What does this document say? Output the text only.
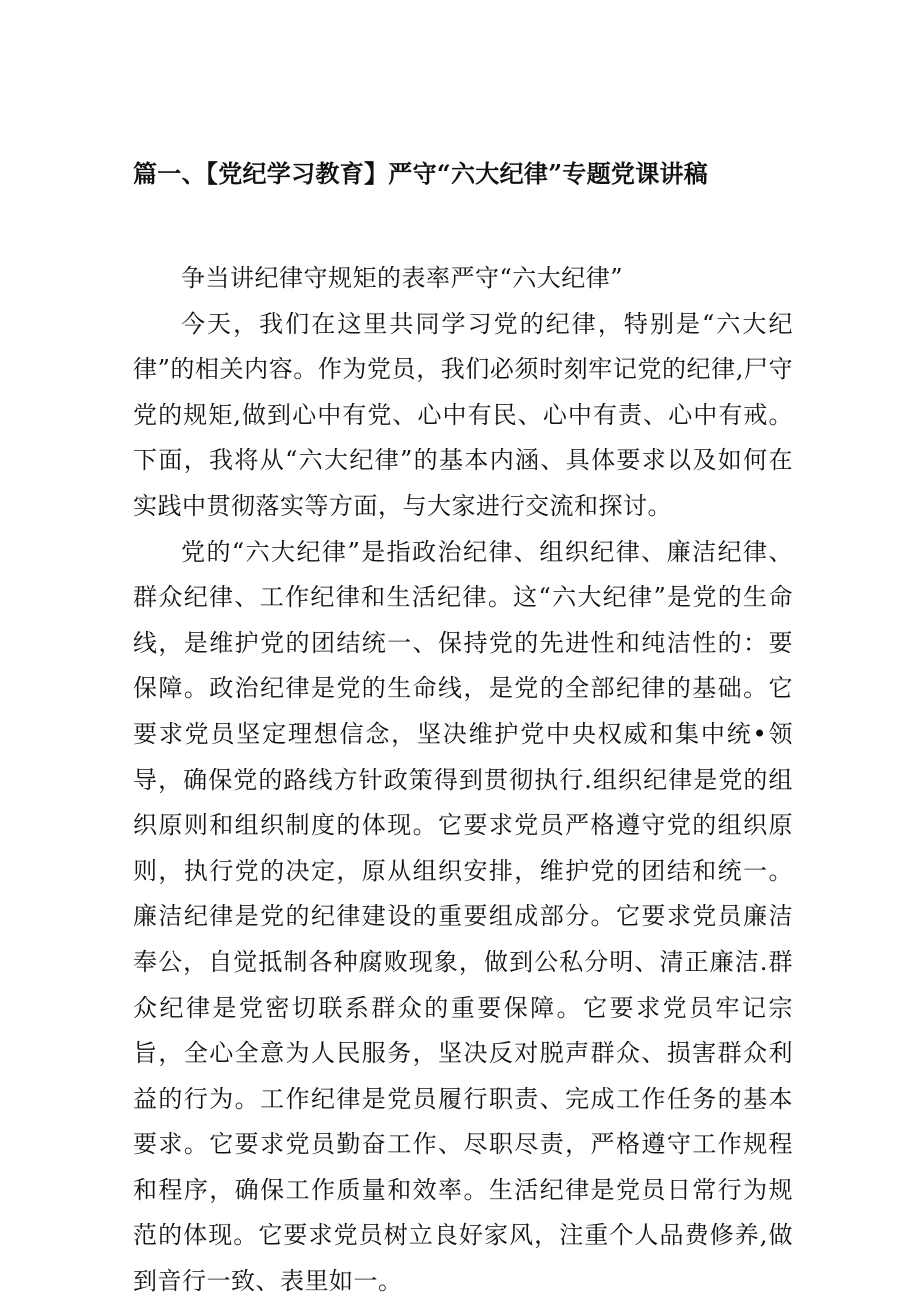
篇一、【党纪学习教育】严守“六大纪律”专题党课讲稿

争当讲纪律守规矩的表率严守“六大纪律”

今天，我们在这里共同学习党的纪律，特别是“六大纪律”的相关内容。作为党员，我们必须时刻牢记党的纪律,尸守党的规矩,做到心中有党、心中有民、心中有责、心中有戒。下面，我将从“六大纪律”的基本内涵、具体要求以及如何在实践中贯彻落实等方面，与大家进行交流和探讨。

党的“六大纪律”是指政治纪律、组织纪律、廉洁纪律、群众纪律、工作纪律和生活纪律。这“六大纪律”是党的生命线，是维护党的团结统一、保持党的先进性和纯洁性的：要保障。政治纪律是党的生命线，是党的全部纪律的基础。它要求党员坚定理想信念，坚决维护党中央权威和集中统•领导，确保党的路线方针政策得到贯彻执行.组织纪律是党的组织原则和组织制度的体现。它要求党员严格遵守党的组织原则，执行党的决定，原从组织安排，维护党的团结和统一。廉洁纪律是党的纪律建设的重要组成部分。它要求党员廉洁奉公，自觉抵制各种腐败现象，做到公私分明、清正廉洁.群众纪律是党密切联系群众的重要保障。它要求党员牢记宗旨，全心全意为人民服务，坚决反对脱声群众、损害群众利益的行为。工作纪律是党员履行职责、完成工作任务的基本要求。它要求党员勤奋工作、尽职尽责，严格遵守工作规程和程序，确保工作质量和效率。生活纪律是党员日常行为规范的体现。它要求党员树立良好家风，注重个人品费修养,做到音行一致、表里如一。
